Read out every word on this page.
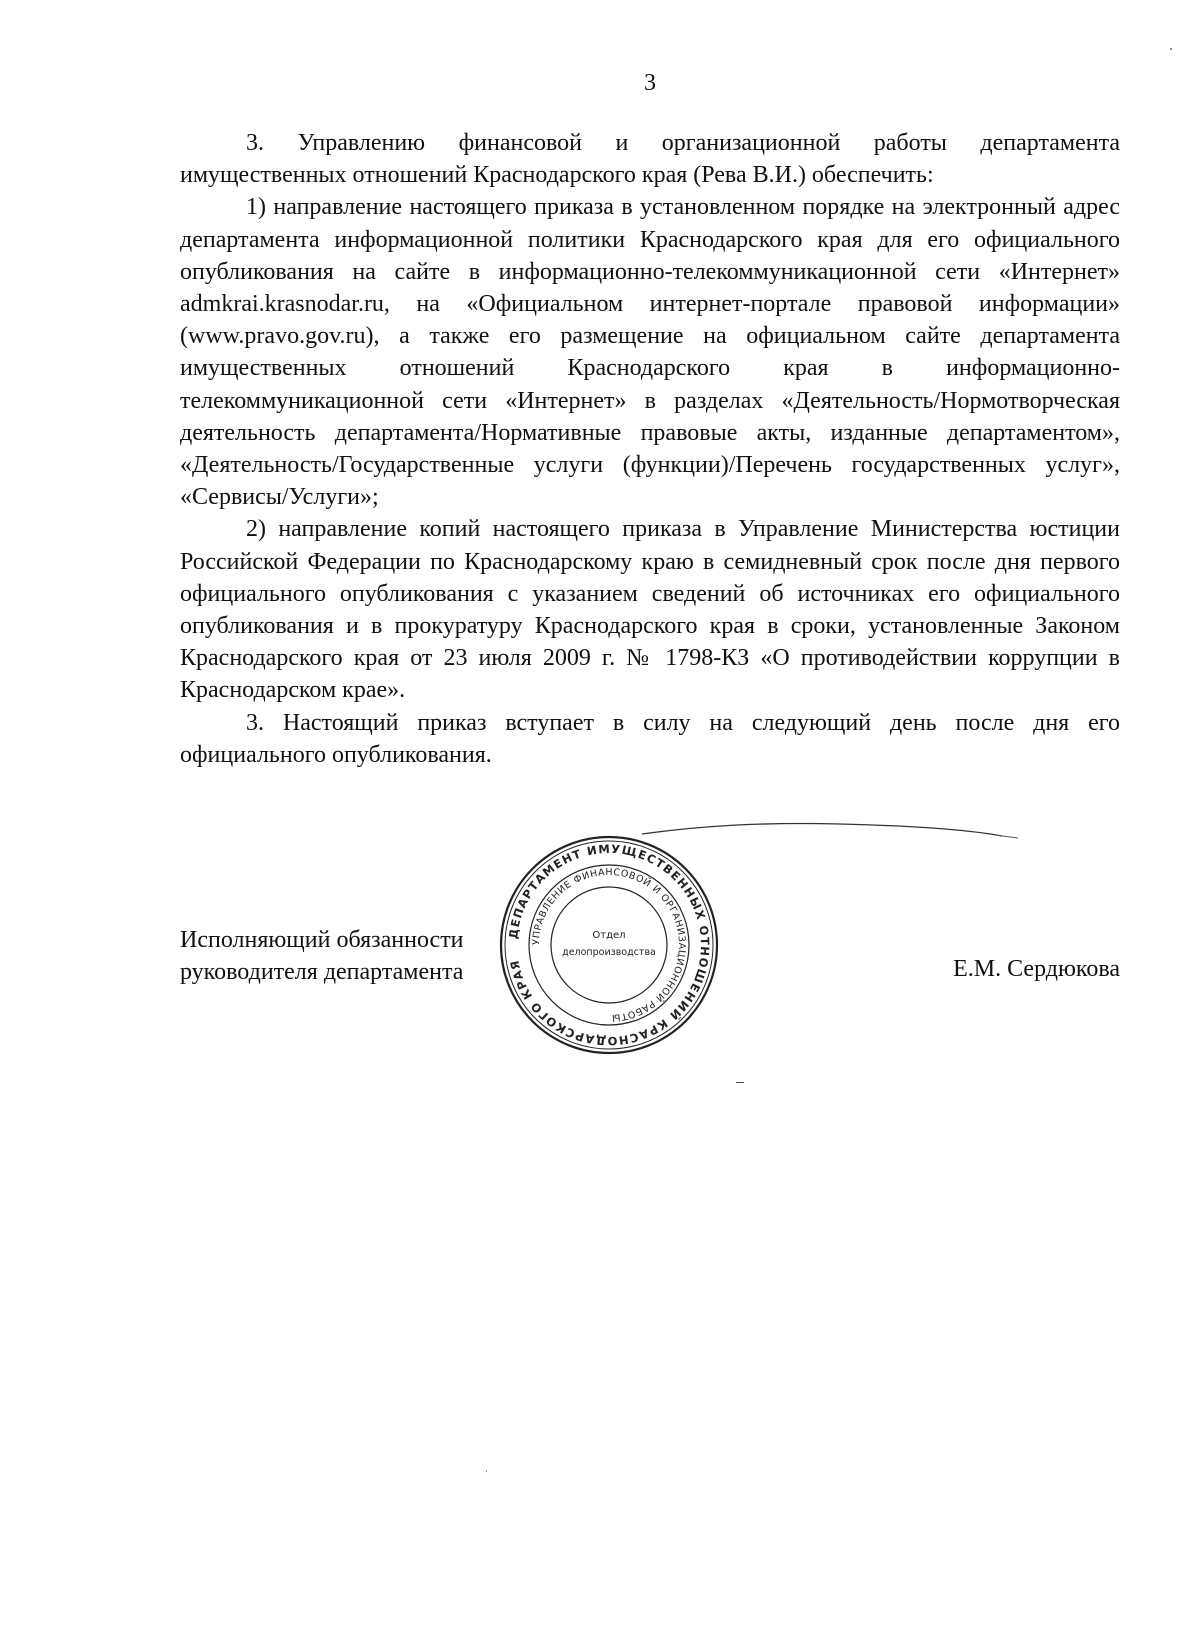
3

3. Управлению финансовой и организационной работы департамента имущественных отношений Краснодарского края (Рева В.И.) обеспечить:

1) направление настоящего приказа в установленном порядке на электронный адрес департамента информационной политики Краснодарского края для его официального опубликования на сайте в информационно-телекоммуникационной сети «Интернет» admkrai.krasnodar.ru, на «Официальном интернет-портале правовой информации» (www.pravo.gov.ru), а также его размещение на официальном сайте департамента имущественных отношений Краснодарского края в информационно-телекоммуникационной сети «Интернет» в разделах «Деятельность/Нормотворческая деятельность департамента/Нормативные правовые акты, изданные департаментом», «Деятельность/Государственные услуги (функции)/Перечень государственных услуг», «Сервисы/Услуги»;

2) направление копий настоящего приказа в Управление Министерства юстиции Российской Федерации по Краснодарскому краю в семидневный срок после дня первого официального опубликования с указанием сведений об источниках его официального опубликования и в прокуратуру Краснодарского края в сроки, установленные Законом Краснодарского края от 23 июля 2009 г. № 1798-КЗ «О противодействии коррупции в Краснодарском крае».

3. Настоящий приказ вступает в силу на следующий день после дня его официального опубликования.

Исполняющий обязанности
руководителя департамента	Е.М. Сердюкова
ДЕПАРТАМЕНТ ИМУЩЕСТВЕННЫХ ОТНОШЕНИЙ КРАСНОДАРСКОГО КРАЯ
УПРАВЛЕНИЕ ФИНАНСОВОЙ И ОРГАНИЗАЦИОННОЙ РАБОТЫ
Отдел
делопроизводства
